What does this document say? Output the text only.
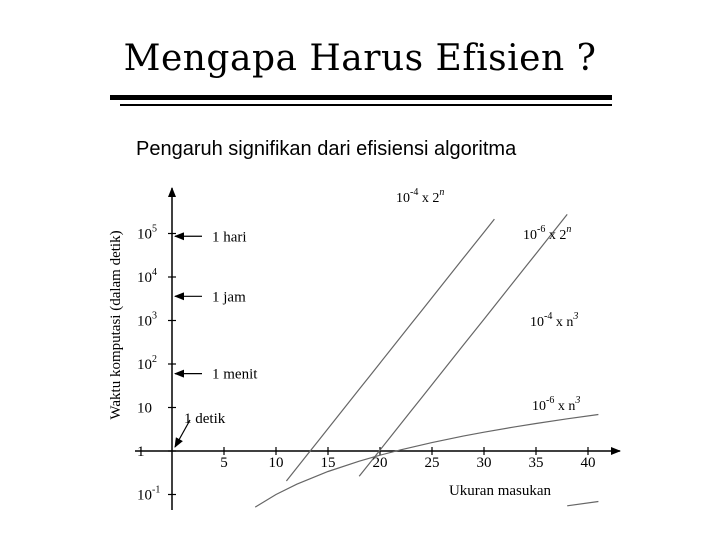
Mengapa Harus Efisien ?
Pengaruh signifikan dari efisiensi algoritma
5	10 15 20 25 30 35 40
$10^{-1}$
1
10
$10^2$
$10^3$
$10^4$
$10^5$
Ukuran masukan
Waktu komputasi (dalam detik)	1 hari
1 jam
1 menit
1 detik
$10^{-4}$ x 2$^n$
$10^{-6}$ x 2$^n$
$10^{-4}$ x $n^3$
$10^{-6}$ x $n^3$
